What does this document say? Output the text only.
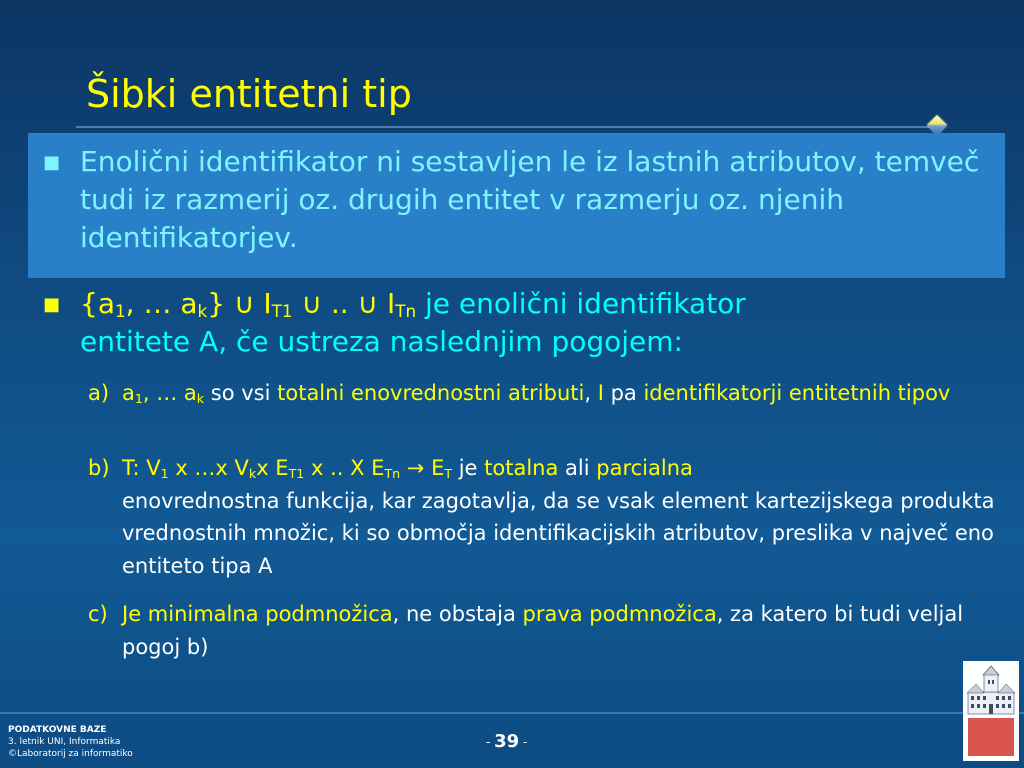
Šibki entitetni tip
■ Enolični identifikator ni sestavljen le iz lastnih atributov, temveč tudi iz razmerij oz. drugih entitet v razmerju oz. njenih identifikatorjev.
■ {$a_1$, … $a_k$} ∪ $I_{T1}$ ∪ .. ∪ $I_{Tn}$ je enolični identifikator
entitete A, če ustreza naslednjim pogojem:
a) $a_1$, … $a_k$ so vsi totalni enovrednostni atributi, I pa identifikatorji entitetnih tipov
b) T: $V_1$ x …x $V_kx$ $E_{T1}$ x .. X $E_{Tn} \to E_T$ je totalna ali parcialna
enovrednostna funkcija, kar zagotavlja, da se vsak element kartezijskega produkta vrednostnih množic, ki so območja identifikacijskih atributov, preslika v največ eno entiteto tipa A
c) Je minimalna podmnožica, ne obstaja prava podmnožica, za katero bi tudi veljal pogoj b)
PODATKOVNE BAZE
3. letnik UNI, Informatika
©Laboratorij za informatiko
- 39 -
